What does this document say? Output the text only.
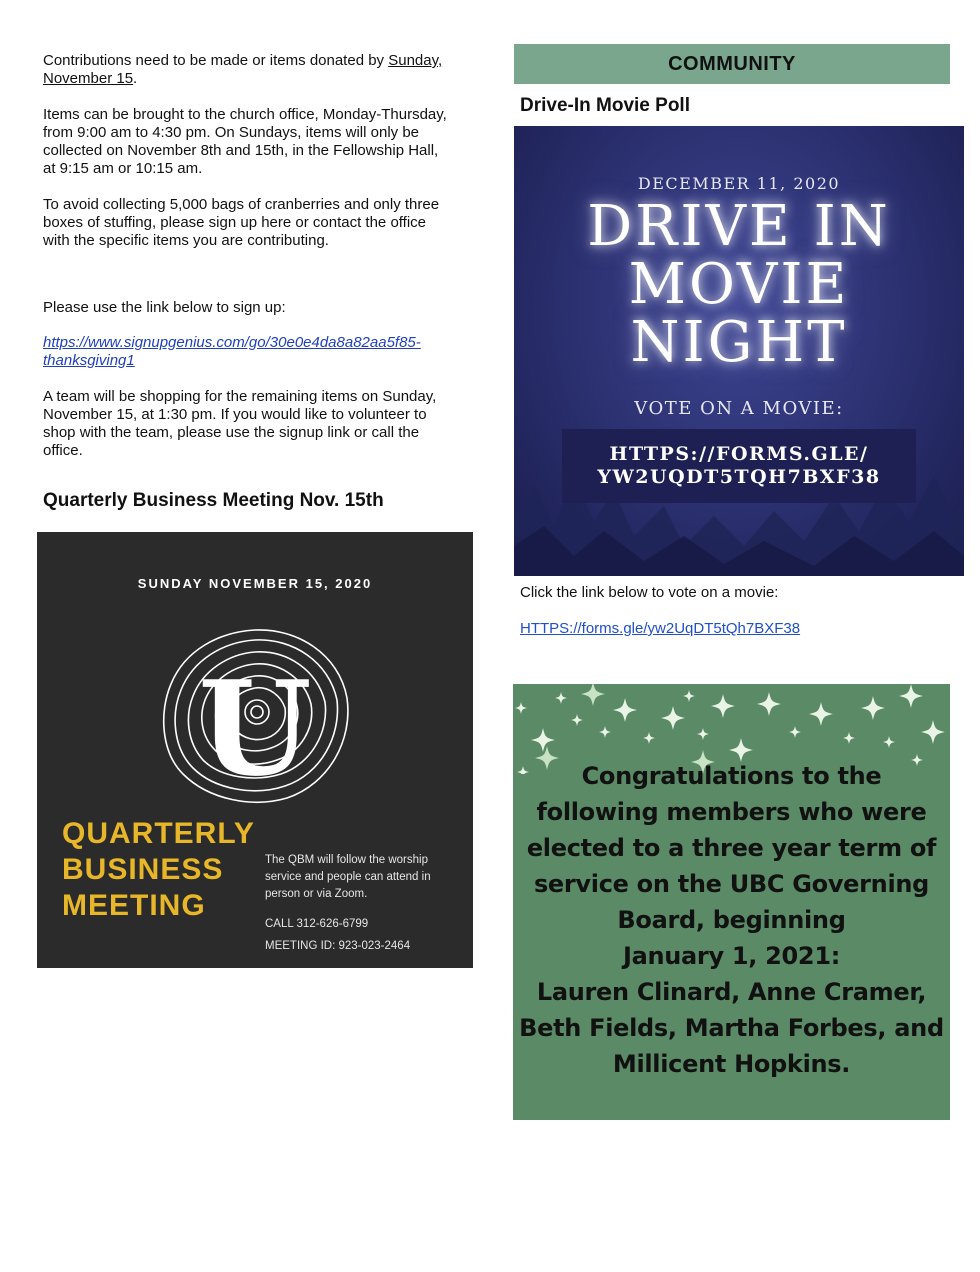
Contributions need to be made or items donated by Sunday,
November 15.

Items can be brought to the church office, Monday-Thursday,
from 9:00 am to 4:30 pm. On Sundays, items will only be
collected on November 8th and 15th, in the Fellowship Hall,
at 9:15 am or 10:15 am.

To avoid collecting 5,000 bags of cranberries and only three
boxes of stuffing, please sign up here or contact the office
with the specific items you are contributing.

Please use the link below to sign up:
https://www.signupgenius.com/go/30e0e4da8a82aa5f85-
thanksgiving1

A team will be shopping for the remaining items on Sunday,
November 15, at 1:30 pm. If you would like to volunteer to
shop with the team, please use the signup link or call the
office.

Quarterly Business Meeting Nov. 15th
SUNDAY NOVEMBER 15, 2020
U
QUARTERLY
BUSINESS
MEETING
The QBM will follow the worship service and people can attend in person or via Zoom.
CALL 312-626-6799
MEETING ID: 923-023-2464
COMMUNITY
Drive-In Movie Poll
DECEMBER 11, 2020
DRIVE IN
MOVIE
NIGHT
VOTE ON A MOVIE:
HTTPS://FORMS.GLE/
YW2UQDT5TQH7BXF38
Click the link below to vote on a movie:
HTTPS://forms.gle/yw2UqDT5tQh7BXF38
Congratulations to the
following members who were
elected to a three year term of
service on the UBC Governing
Board, beginning
January 1, 2021:
Lauren Clinard, Anne Cramer,
Beth Fields, Martha Forbes, and
Millicent Hopkins.
